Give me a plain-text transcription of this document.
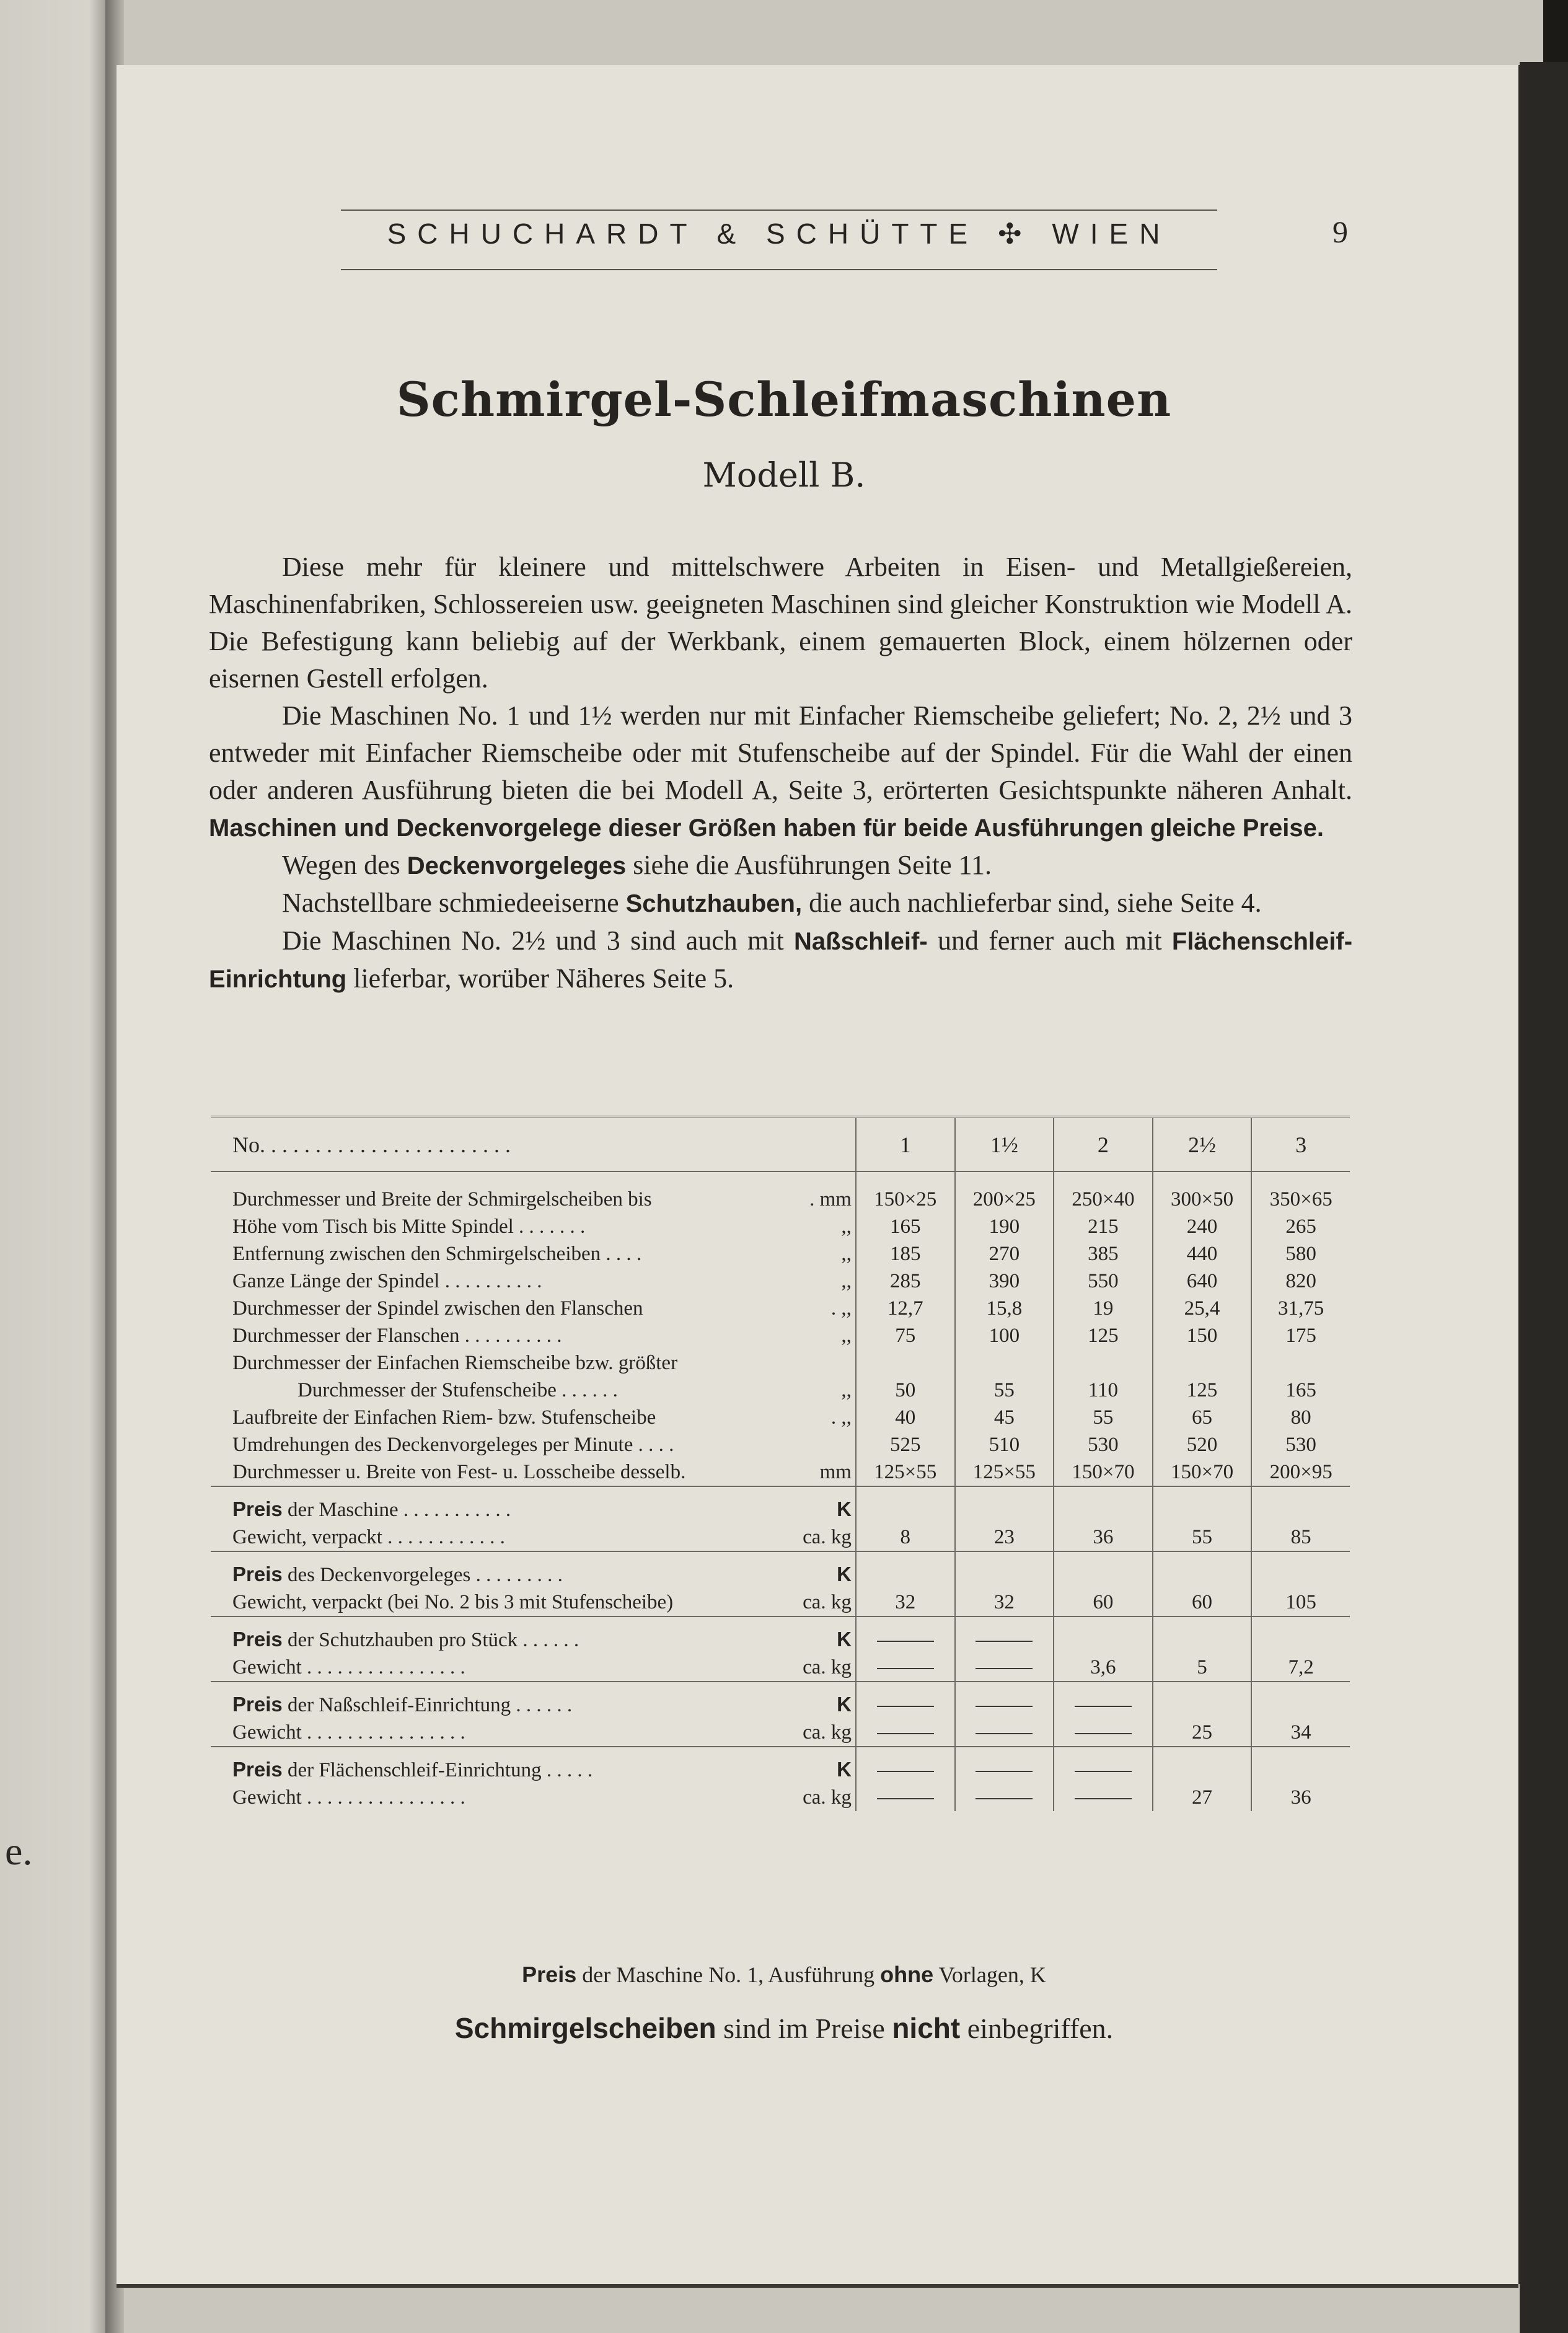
e.
SCHUCHARDT & SCHÜTTE ✣ WIEN	9
Schmirgel-Schleifmaschinen
Modell B.

Diese mehr für kleinere und mittelschwere Arbeiten in Eisen- und Metallgießereien, Maschinenfabriken, Schlossereien usw. geeigneten Maschinen sind gleicher Konstruktion wie Modell A. Die Befestigung kann beliebig auf der Werkbank, einem gemauerten Block, einem hölzernen oder eisernen Gestell erfolgen.

Die Maschinen No. 1 und 1½ werden nur mit Einfacher Riemscheibe geliefert; No. 2, 2½ und 3 entweder mit Einfacher Riemscheibe oder mit Stufenscheibe auf der Spindel. Für die Wahl der einen oder anderen Ausführung bieten die bei Modell A, Seite 3, erörterten Gesichtspunkte näheren Anhalt. Maschinen und Deckenvorgelege dieser Größen haben für beide Ausführungen gleiche Preise.

Wegen des Deckenvorgeleges siehe die Ausführungen Seite 11.

Nachstellbare schmiedeeiserne Schutzhauben, die auch nachlieferbar sind, siehe Seite 4.

Die Maschinen No. 2½ und 3 sind auch mit Naßschleif- und ferner auch mit Flächenschleif-Einrichtung lieferbar, worüber Näheres Seite 5.

No. . . . . . . . . . . . . . . . . . . . . . .	1	1½	2	2½	3

Durchmesser und Breite der Schmirgelscheiben bis . mm	150×25	200×25	250×40	300×50	350×65

Höhe vom Tisch bis Mitte Spindel . . . . . . . ,,	165	190	215	240	265

Entfernung zwischen den Schmirgelscheiben . . . . ,,	185	270	385	440	580

Ganze Länge der Spindel . . . . . . . . . . ,,	285	390	550	640	820

Durchmesser der Spindel zwischen den Flanschen . ,,	12,7	15,8	19	25,4	31,75

Durchmesser der Flanschen . . . . . . . . . . ,,	75	100	125	150	175

Durchmesser der Einfachen Riemscheibe bzw. größter
Durchmesser der Stufenscheibe . . . . . . ,,	50	55	110	125	165

Laufbreite der Einfachen Riem- bzw. Stufenscheibe . ,,	40	45	55	65	80

Umdrehungen des Deckenvorgeleges per Minute . . . .	525	510	530	520	530

Durchmesser u. Breite von Fest- u. Losscheibe desselb. mm	125×55	125×55	150×70	150×70	200×95

Preis der Maschine . . . . . . . . . . . K					

Gewicht, verpackt . . . . . . . . . . . . ca. kg	8	23	36	55	85

Preis des Deckenvorgeleges . . . . . . . . . K					

Gewicht, verpackt (bei No. 2 bis 3 mit Stufenscheibe) ca. kg	32	32	60	60	105

Preis der Schutzhauben pro Stück . . . . . . K					

Gewicht . . . . . . . . . . . . . . . . ca. kg			3,6	5	7,2

Preis der Naßschleif-Einrichtung . . . . . . K					

Gewicht . . . . . . . . . . . . . . . . ca. kg				25	34

Preis der Flächenschleif-Einrichtung . . . . . K					

Gewicht . . . . . . . . . . . . . . . . ca. kg				27	36
Preis der Maschine No. 1, Ausführung ohne Vorlagen, K
Schmirgelscheiben sind im Preise nicht einbegriffen.
